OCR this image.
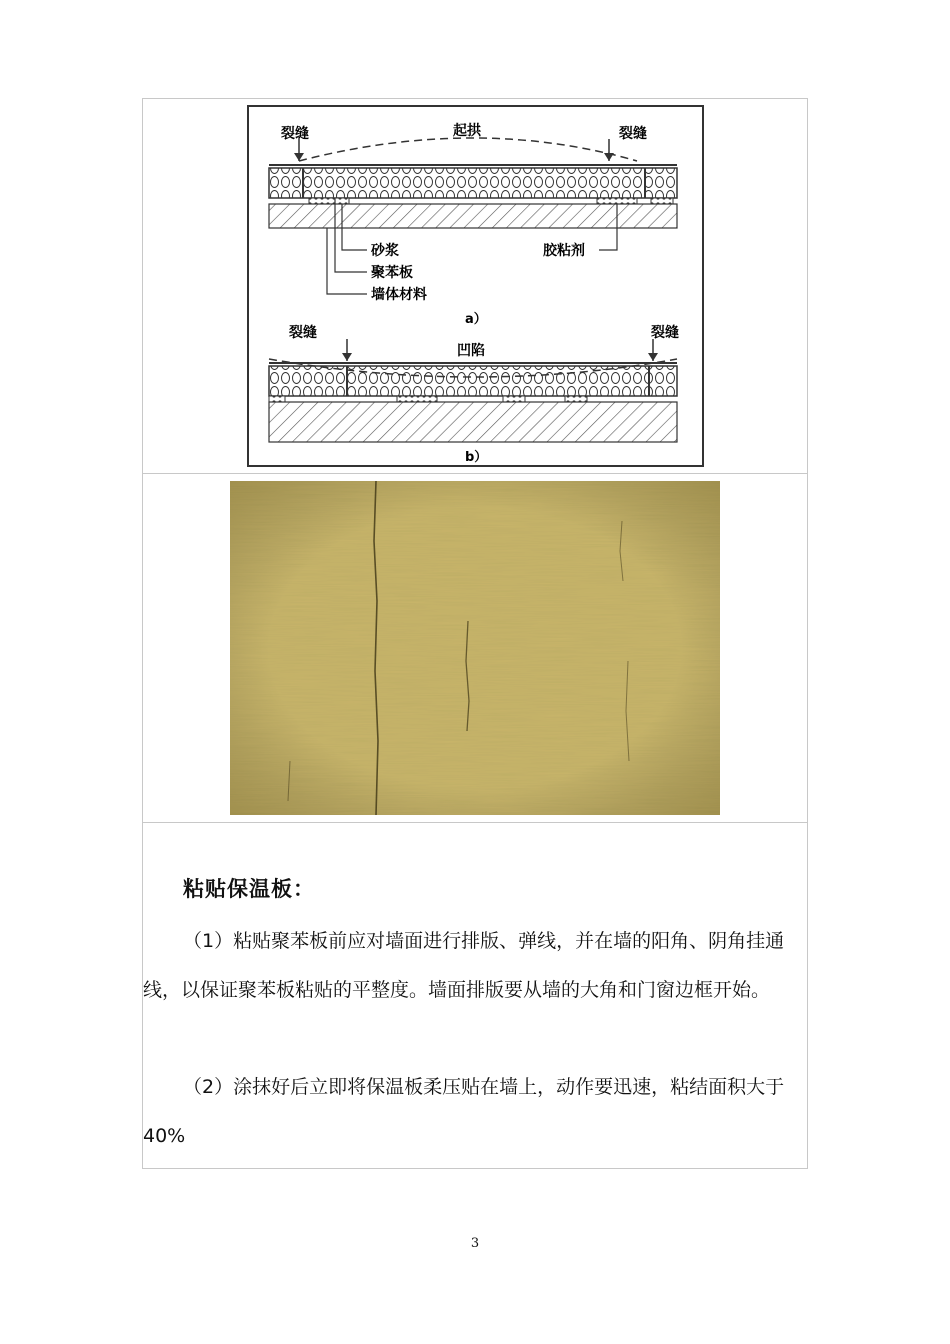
裂缝	裂缝
起拱
砂浆
聚苯板
墙体材料
胶粘剂
a）
裂缝	裂缝
凹陷
b）
粘贴保温板：
（1）粘贴聚苯板前应对墙面进行排版、弹线，并在墙的阳角、阴角挂通线，以保证聚苯板粘贴的平整度。墙面排版要从墙的大角和门窗边框开始。
（2）涂抹好后立即将保温板柔压贴在墙上，动作要迅速，粘结面积大于 40%
3
